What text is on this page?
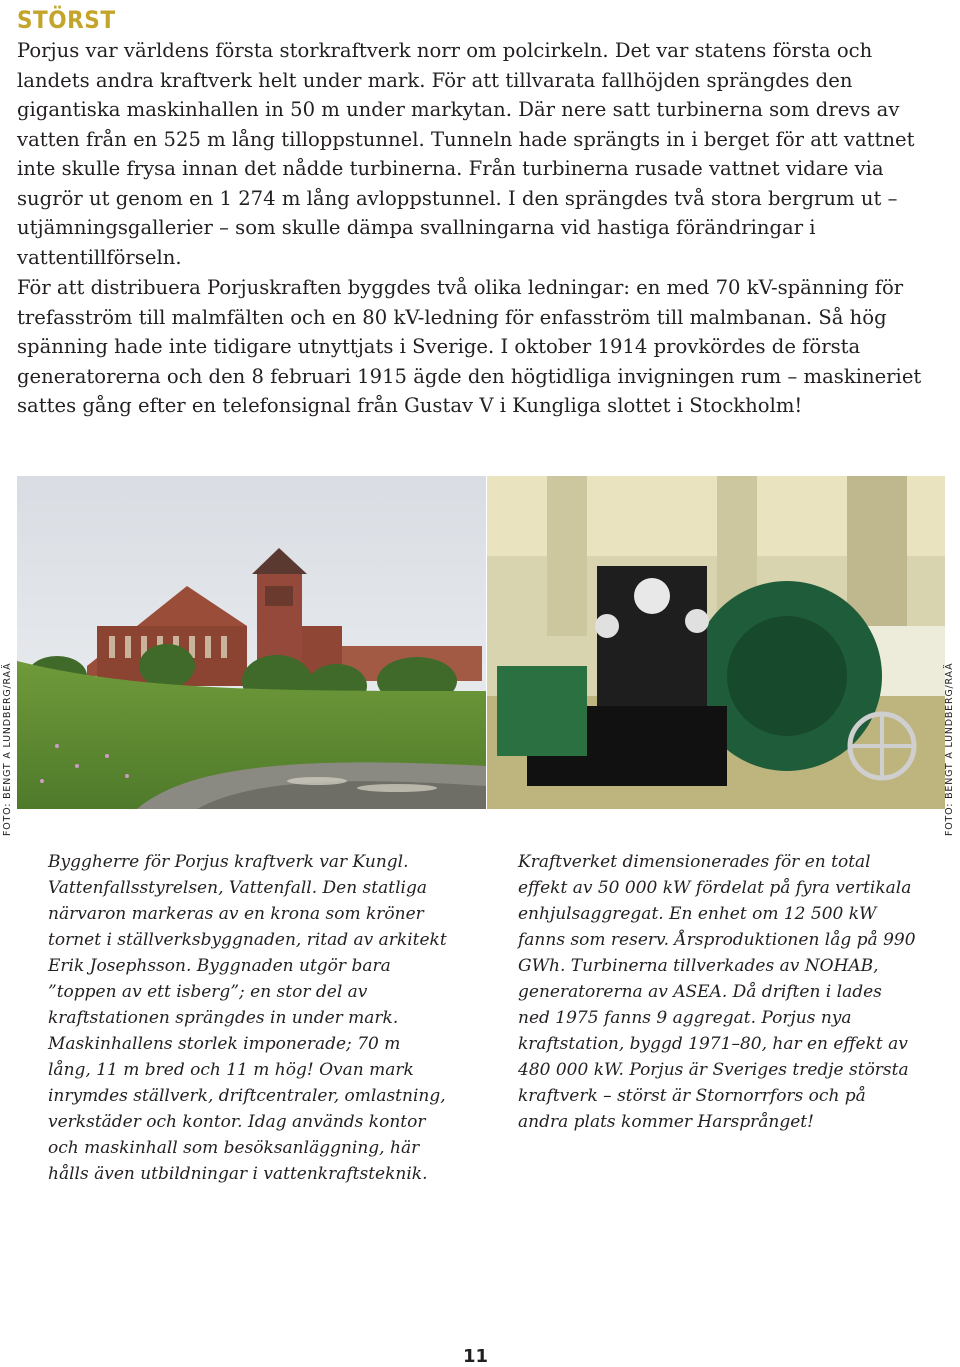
STÖRST

Porjus var världens första storkraftverk norr om polcirkeln. Det var statens första och landets andra kraftverk helt under mark. För att tillvarata fallhöjden sprängdes den gigantiska maskinhallen in 50 m under markytan. Där nere satt turbinerna som drevs av vatten från en 525 m lång tilloppstunnel. Tunneln hade sprängts in i berget för att vattnet inte skulle frysa innan det nådde turbinerna. Från turbinerna rusade vattnet vidare via sugrör ut genom en 1 274 m lång avloppstunnel. I den sprängdes två stora bergrum ut – utjämningsgallerier – som skulle dämpa svallningarna vid hastiga förändringar i vattentillförseln.

För att distribuera Porjuskraften byggdes två olika ledningar: en med 70 kV-spänning för trefasström till malmfälten och en 80 kV-ledning för enfasström till malmbanan. Så hög spänning hade inte tidigare utnyttjats i Sverige. I oktober 1914 provkördes de första generatorerna och den 8 februari 1915 ägde den högtidliga invigningen rum – maskineriet sattes gång efter en telefonsignal från Gustav V i Kungliga slottet i Stockholm!

FOTO: BENGT A LUNDBERG/RAÄ	FOTO: BENGT A LUNDBERG/RAÄ

Byggherre för Porjus kraftverk var Kungl. Vattenfallsstyrelsen, Vattenfall. Den statliga närvaron markeras av en krona som kröner tornet i ställverksbyggnaden, ritad av arkitekt Erik Josephsson. Byggnaden utgör bara ”toppen av ett isberg”; en stor del av kraftstationen sprängdes in under mark. Maskinhallens storlek imponerade; 70 m lång, 11 m bred och 11 m hög! Ovan mark inrymdes ställverk, driftcentraler, omlastning, verkstäder och kontor. Idag används kontor och maskinhall som besöksanläggning, här hålls även utbildningar i vattenkraftsteknik.

Kraftverket dimensionerades för en total effekt av 50 000 kW fördelat på fyra vertikala enhjulsaggregat. En enhet om 12 500 kW fanns som reserv. Årsproduktionen låg på 990 GWh. Turbinerna tillverkades av NOHAB, generatorerna av ASEA. Då driften i lades ned 1975 fanns 9 aggregat. Porjus nya kraftstation, byggd 1971–80, har en effekt av 480 000 kW. Porjus är Sveriges tredje största kraftverk – störst är Stornorrfors och på andra plats kommer Harsprånget!

11
